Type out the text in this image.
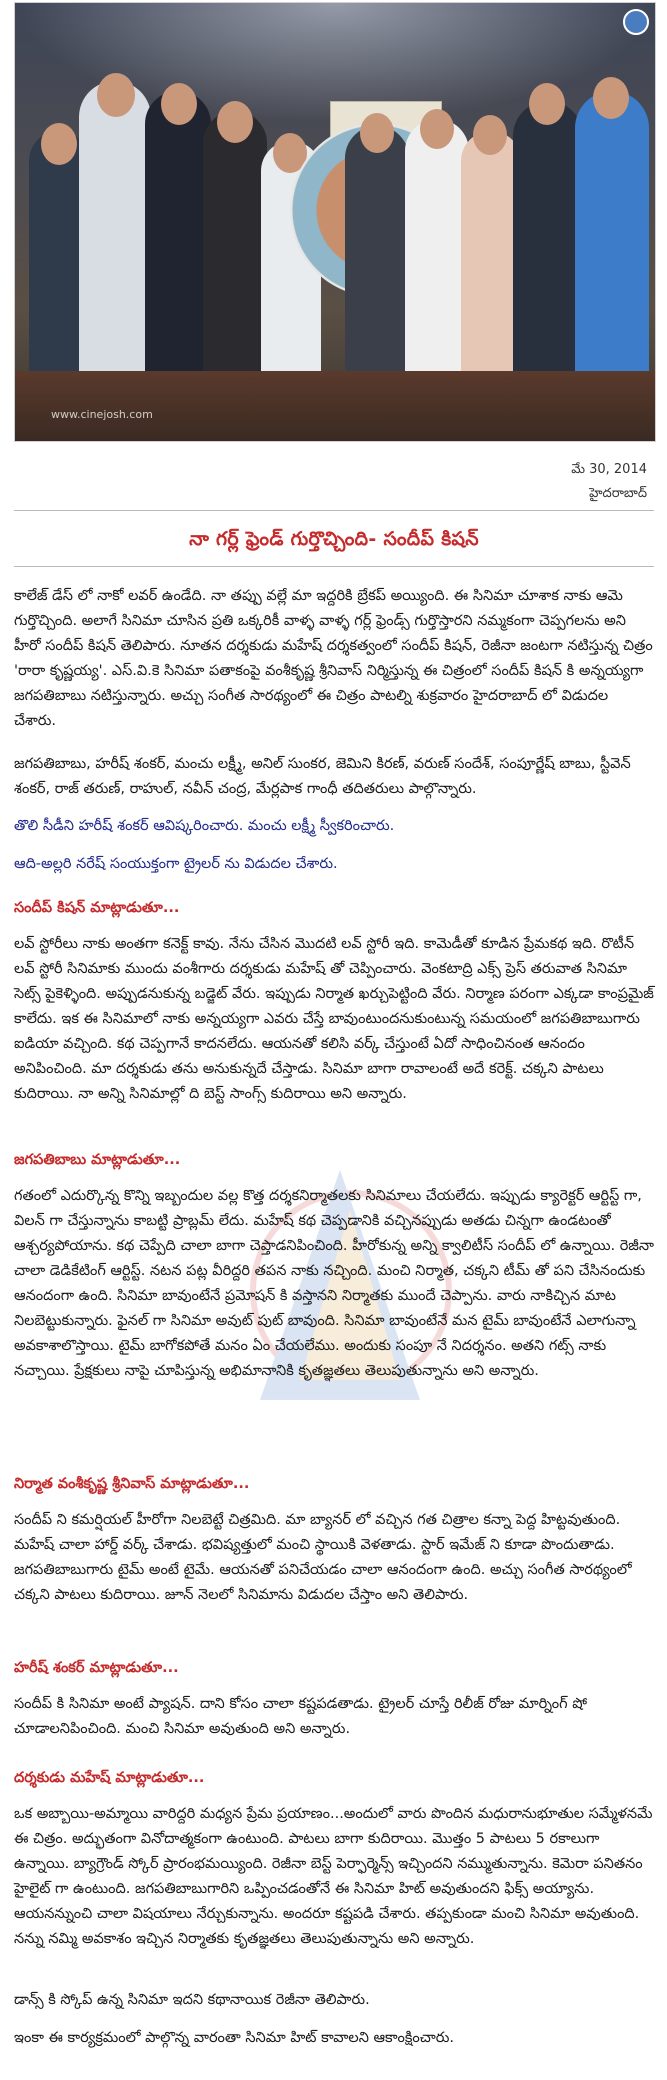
www.cinejosh.com
మే 30, 2014
హైదరాబాద్
నా గర్ల్ ఫ్రెండ్ గుర్తొచ్చింది- సందీప్ కిషన్
కాలేజ్ డేస్ లో నాకో లవర్ ఉండేది. నా తప్పు వల్లే మా ఇద్దరికి బ్రేకప్ అయ్యింది. ఈ సినిమా చూశాక నాకు ఆమె గుర్తొచ్చింది. అలాగే సినిమా చూసిన ప్రతి ఒక్కరికీ వాళ్ళ వాళ్ళ గర్ల్ ఫ్రెండ్స్ గుర్తొస్తారని నమ్మకంగా చెప్పగలను అని హీరో సందీప్ కిషన్ తెలిపారు. నూతన దర్శకుడు మహేష్ దర్శకత్వంలో సందీప్ కిషన్, రెజీనా జంటగా నటిస్తున్న చిత్రం 'రారా కృష్ణయ్య'. ఎస్.వి.కె సినిమా పతాకంపై వంశీకృష్ణ శ్రీనివాస్ నిర్మిస్తున్న ఈ చిత్రంలో సందీప్ కిషన్ కి అన్నయ్యగా జగపతిబాబు నటిస్తున్నారు. అచ్చు సంగీత సారథ్యంలో ఈ చిత్రం పాటల్ని శుక్రవారం హైదరాబాద్ లో విడుదల చేశారు.
జగపతిబాబు, హరీష్ శంకర్, మంచు లక్ష్మీ, అనిల్ సుంకర, జెమిని కిరణ్, వరుణ్ సందేశ్, సంపూర్ణేష్ బాబు, స్టీవెన్ శంకర్, రాజ్ తరుణ్, రాహుల్, నవీన్ చంద్ర, మేర్లపాక గాంధీ తదితరులు పాల్గొన్నారు.
తొలి సీడీని హరీష్ శంకర్ ఆవిష్కరించారు. మంచు లక్ష్మీ స్వీకరించారు.
ఆది-అల్లరి నరేష్ సంయుక్తంగా ట్రైలర్ ను విడుదల చేశారు.
సందీప్ కిషన్ మాట్లాడుతూ...
లవ్ స్టోరీలు నాకు అంతగా కనెక్ట్ కావు. నేను చేసిన మొదటి లవ్ స్టోరీ ఇది. కామెడీతో కూడిన ప్రేమకథ ఇది. రొటీన్ లవ్ స్టోరీ సినిమాకు ముందు వంశీగారు దర్శకుడు మహేష్ తో చెప్పించారు. వెంకటాద్రి ఎక్స్ ప్రెస్ తరువాత సినిమా సెట్స్ పైకెళ్ళింది. అప్పుడనుకున్న బడ్జెట్ వేరు. ఇప్పుడు నిర్మాత ఖర్చుపెట్టింది వేరు. నిర్మాణ పరంగా ఎక్కడా కాంప్రమైజ్ కాలేదు. ఇక ఈ సినిమాలో నాకు అన్నయ్యగా ఎవరు చేస్తే బావుంటుందనుకుంటున్న సమయంలో జగపతిబాబుగారు ఐడియా వచ్చింది. కథ చెప్పగానే కాదనలేదు. ఆయనతో కలిసి వర్క్ చేస్తుంటే ఏదో సాధించినంత ఆనందం అనిపించింది. మా దర్శకుడు తను అనుకున్నదే చేస్తాడు. సినిమా బాగా రావాలంటే అదే కరెక్ట్. చక్కని పాటలు కుదిరాయి. నా అన్ని సినిమాల్లో ది బెస్ట్ సాంగ్స్ కుదిరాయి అని అన్నారు.
జగపతిబాబు మాట్లాడుతూ...
గతంలో ఎదుర్కొన్న కొన్ని ఇబ్బందుల వల్ల కొత్త దర్శకనిర్మాతలకు సినిమాలు చేయలేదు. ఇప్పుడు క్యారెక్టర్ ఆర్టిస్ట్ గా, విలన్ గా చేస్తున్నాను కాబట్టి ప్రాబ్లమ్ లేదు. మహేష్ కథ చెప్పడానికి వచ్చినప్పుడు అతడు చిన్నగా ఉండటంతో ఆశ్చర్యపోయాను. కథ చెప్పేది చాలా బాగా చెప్తాడనిపించింది. హీరోకున్న అన్ని క్వాలిటీస్ సందీప్ లో ఉన్నాయి. రెజీనా చాలా డెడికేటింగ్ ఆర్టిస్ట్. నటన పట్ల వీరిద్దరి తపన నాకు నచ్చింది. మంచి నిర్మాత, చక్కని టీమ్ తో పని చేసినందుకు ఆనందంగా ఉంది. సినిమా బావుంటేనే ప్రమోషన్ కి వస్తానని నిర్మాతకు ముందే చెప్పాను. వారు నాకిచ్చిన మాట నిలబెట్టుకున్నారు. ఫైనల్ గా సినిమా అవుట్ పుట్ బావుంది. సినిమా బావుంటేనే మన టైమ్ బావుంటేనే ఎలాగున్నా అవకాశాలొస్తాయి. టైమ్ బాగోకపోతే మనం ఏం చేయలేము. అందుకు సంపూ నే నిదర్శనం. అతని గట్స్ నాకు నచ్చాయి. ప్రేక్షకులు నాపై చూపిస్తున్న అభిమానానికి కృతజ్ఞతలు తెలుపుతున్నాను అని అన్నారు.
నిర్మాత వంశీకృష్ణ శ్రీనివాస్ మాట్లాడుతూ...
సందీప్ ని కమర్షియల్ హీరోగా నిలబెట్టే చిత్రమిది. మా బ్యానర్ లో వచ్చిన గత చిత్రాల కన్నా పెద్ద హిట్టవుతుంది. మహేష్ చాలా హార్డ్ వర్క్ చేశాడు. భవిష్యత్తులో మంచి స్థాయికి వెళతాడు. స్టార్ ఇమేజ్ ని కూడా పొందుతాడు. జగపతిబాబుగారు టైమ్ అంటే టైమే. ఆయనతో పనిచేయడం చాలా ఆనందంగా ఉంది. అచ్చు సంగీత సారథ్యంలో చక్కని పాటలు కుదిరాయి. జూన్ నెలలో సినిమాను విడుదల చేస్తాం అని తెలిపారు.
హరీష్ శంకర్ మాట్లాడుతూ...
సందీప్ కి సినిమా అంటే ప్యాషన్. దాని కోసం చాలా కష్టపడతాడు. ట్రైలర్ చూస్తే రిలీజ్ రోజు మార్నింగ్ షో చూడాలనిపించింది. మంచి సినిమా అవుతుంది అని అన్నారు.
దర్శకుడు మహేష్ మాట్లాడుతూ...
ఒక అబ్బాయి-అమ్మాయి వారిద్దరి మధ్యన ప్రేమ ప్రయాణం...అందులో వారు పొందిన మధురానుభూతుల సమ్మేళనమే ఈ చిత్రం. అద్భుతంగా వినోదాత్మకంగా ఉంటుంది. పాటలు బాగా కుదిరాయి. మొత్తం 5 పాటలు 5 రకాలుగా ఉన్నాయి. బ్యాగ్రౌండ్ స్కోర్ ప్రారంభమయ్యింది. రెజీనా బెస్ట్ పెర్ఫార్మెన్స్ ఇచ్చిందని నమ్ముతున్నాను. కెమెరా పనితనం హైలైట్ గా ఉంటుంది. జగపతిబాబుగారిని ఒప్పించడంతోనే ఈ సినిమా హిట్ అవుతుందని ఫిక్స్ అయ్యాను. ఆయనన్నుంచి చాలా విషయాలు నేర్చుకున్నాను. అందరూ కష్టపడి చేశారు. తప్పకుండా మంచి సినిమా అవుతుంది. నన్ను నమ్మి అవకాశం ఇచ్చిన నిర్మాతకు కృతజ్ఞతలు తెలుపుతున్నాను అని అన్నారు.
డాన్స్ కి స్కోప్ ఉన్న సినిమా ఇదని కథానాయిక రెజీనా తెలిపారు.
ఇంకా ఈ కార్యక్రమంలో పాల్గొన్న వారంతా సినిమా హిట్ కావాలని ఆకాంక్షించారు.
